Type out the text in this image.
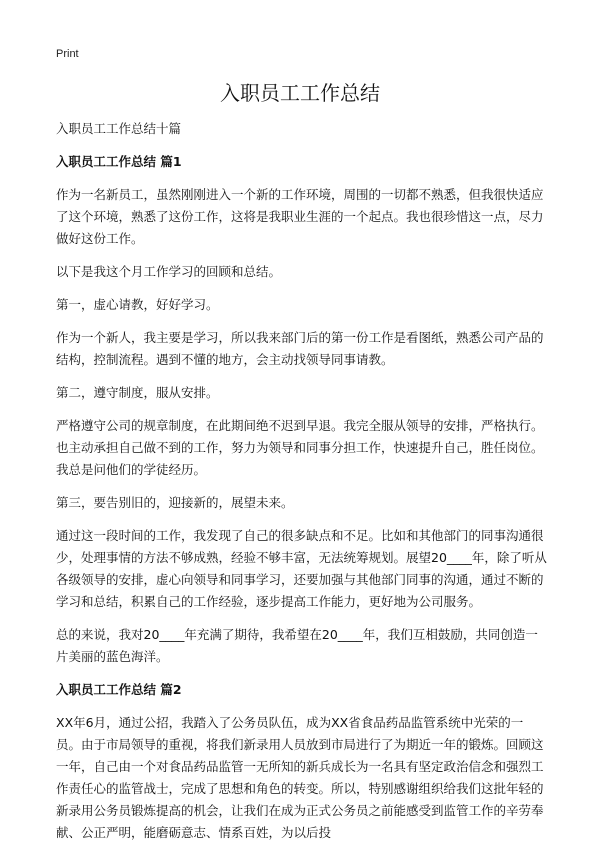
Print
入职员工工作总结

入职员工工作总结十篇

入职员工工作总结 篇1

作为一名新员工，虽然刚刚进入一个新的工作环境，周围的一切都不熟悉，但我很快适应了这个环境，熟悉了这份工作，这将是我职业生涯的一个起点。我也很珍惜这一点，尽力做好这份工作。

以下是我这个月工作学习的回顾和总结。

第一，虚心请教，好好学习。

作为一个新人，我主要是学习，所以我来部门后的第一份工作是看图纸，熟悉公司产品的结构，控制流程。遇到不懂的地方，会主动找领导同事请教。

第二，遵守制度，服从安排。

严格遵守公司的规章制度，在此期间绝不迟到早退。我完全服从领导的安排，严格执行。也主动承担自己做不到的工作，努力为领导和同事分担工作，快速提升自己，胜任岗位。我总是问他们的学徒经历。

第三，要告别旧的，迎接新的，展望未来。

通过这一段时间的工作，我发现了自己的很多缺点和不足。比如和其他部门的同事沟通很少，处理事情的方法不够成熟，经验不够丰富，无法统筹规划。展望20____年，除了听从各级领导的安排，虚心向领导和同事学习，还要加强与其他部门同事的沟通，通过不断的学习和总结，积累自己的工作经验，逐步提高工作能力，更好地为公司服务。

总的来说，我对20____年充满了期待，我希望在20____年，我们互相鼓励，共同创造一片美丽的蓝色海洋。

入职员工工作总结 篇2

XX年6月，通过公招，我踏入了公务员队伍，成为XX省食品药品监管系统中光荣的一员。由于市局领导的重视，将我们新录用人员放到市局进行了为期近一年的锻炼。回顾这一年，自己由一个对食品药品监管一无所知的新兵成长为一名具有坚定政治信念和强烈工作责任心的监管战士，完成了思想和角色的转变。所以，特别感谢组织给我们这批年轻的新录用公务员锻炼提高的机会，让我们在成为正式公务员之前能感受到监管工作的辛劳奉献、公正严明，能磨砺意志、情系百姓，为以后投
